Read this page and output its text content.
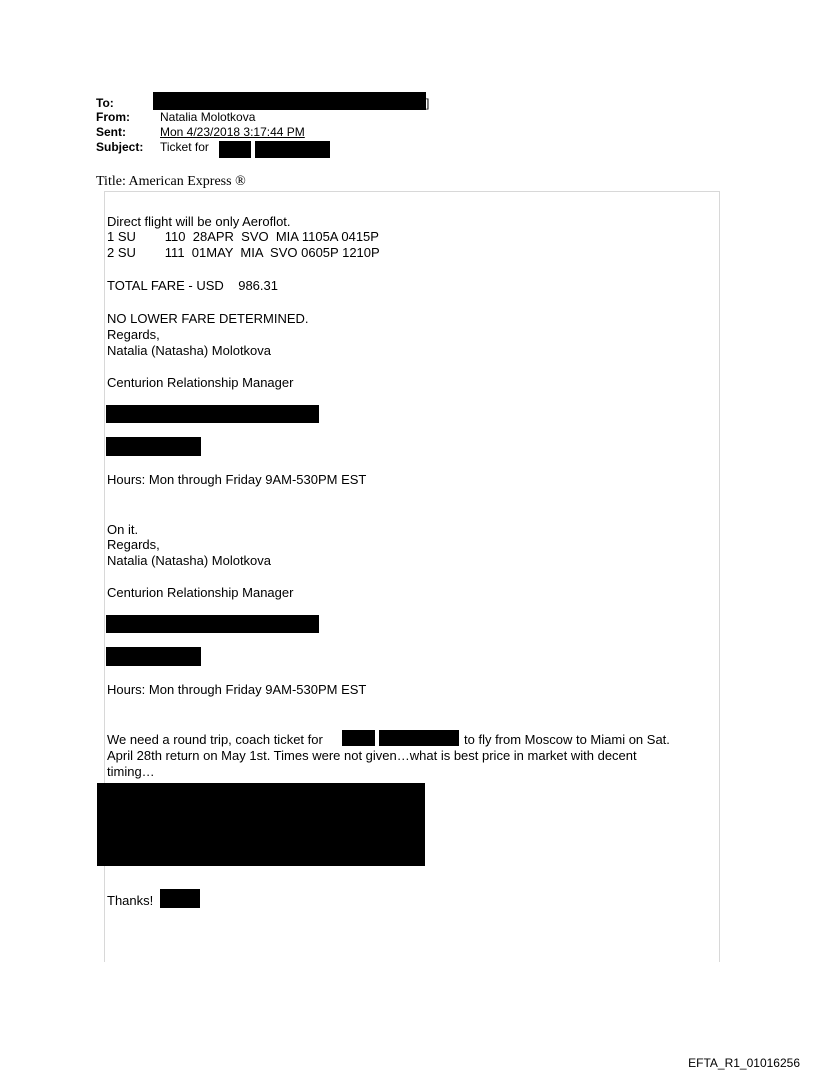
To:	]
From:	Natalia Molotkova
Sent:	Mon 4/23/2018 3:17:44 PM
Subject: Ticket for
Title: American Express ®
Direct flight will be only Aeroflot.
1 SU        110  28APR  SVO  MIA 1105A 0415P
2 SU        111  01MAY  MIA  SVO 0605P 1210P
TOTAL FARE - USD    986.31
NO LOWER FARE DETERMINED.
Regards,
Natalia (Natasha) Molotkova
Centurion Relationship Manager
Hours: Mon through Friday 9AM-530PM EST
On it.
Regards,
Natalia (Natasha) Molotkova
Centurion Relationship Manager
Hours: Mon through Friday 9AM-530PM EST
We need a round trip, coach ticket for	to fly from Moscow to Miami on Sat.
April 28th return on May 1st. Times were not given…what is best price in market with decent
timing…
Thanks!
EFTA_R1_01016256
